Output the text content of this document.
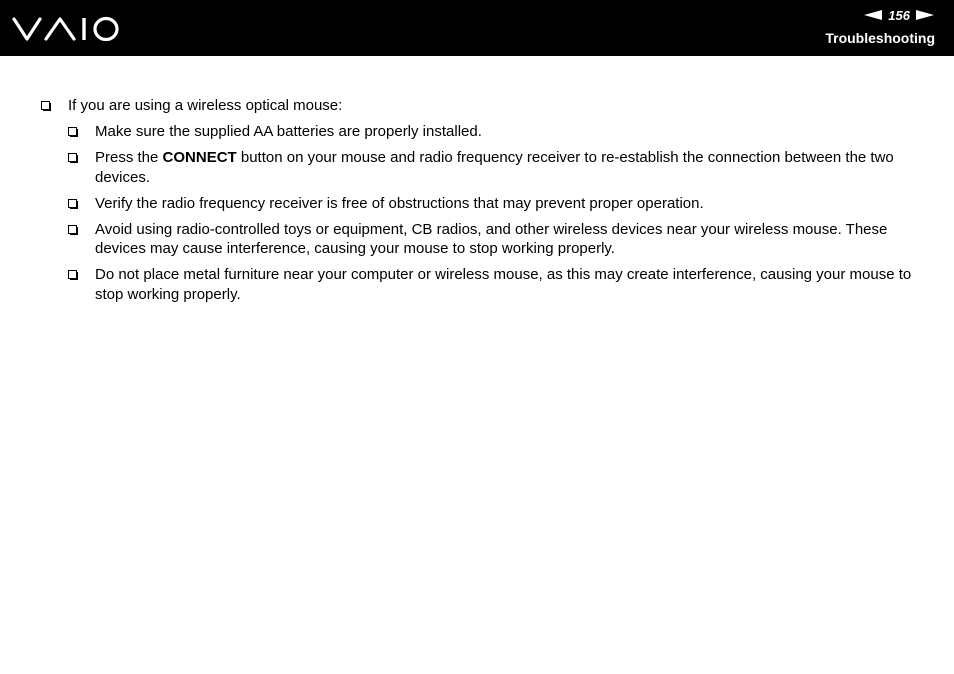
156
Troubleshooting
If you are using a wireless optical mouse:
Make sure the supplied AA batteries are properly installed.
Press the CONNECT button on your mouse and radio frequency receiver to re-establish the connection between the two devices.
Verify the radio frequency receiver is free of obstructions that may prevent proper operation.
Avoid using radio-controlled toys or equipment, CB radios, and other wireless devices near your wireless mouse. These devices may cause interference, causing your mouse to stop working properly.
Do not place metal furniture near your computer or wireless mouse, as this may create interference, causing your mouse to stop working properly.
